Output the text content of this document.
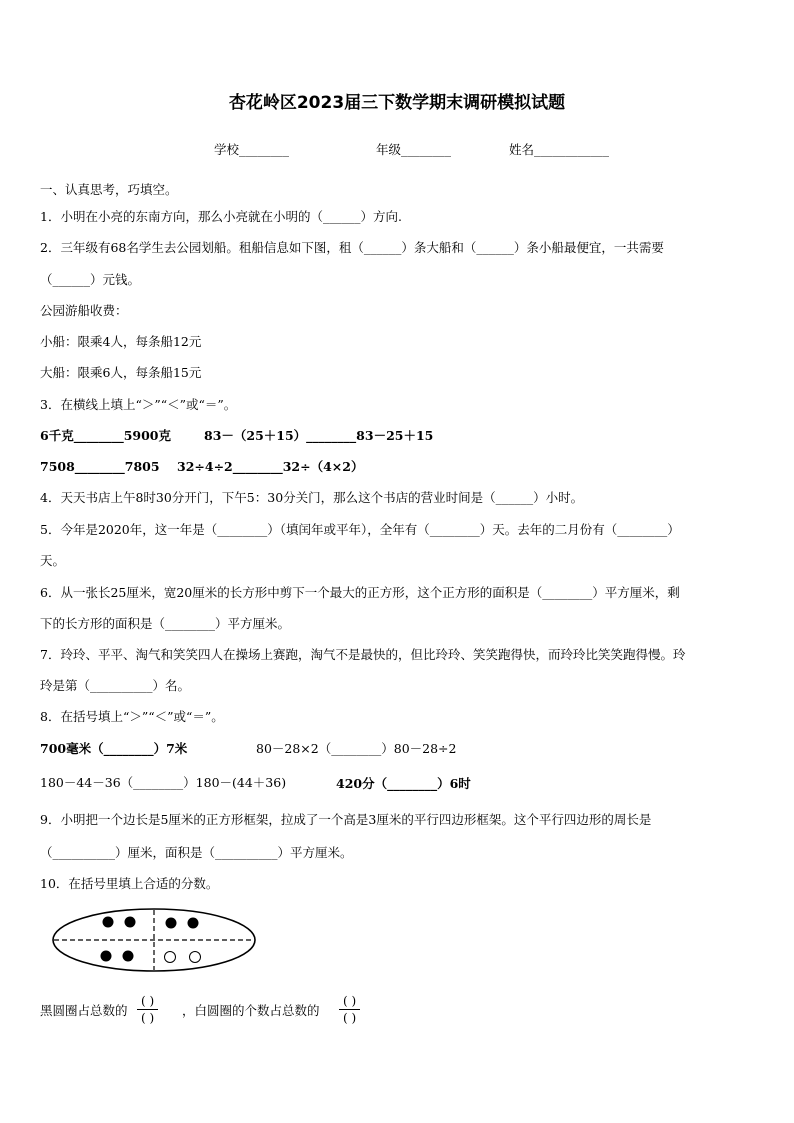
杏花岭区2023届三下数学期末调研模拟试题
学校________	年级________	姓名____________
一、认真思考，巧填空。
1．小明在小亮的东南方向，那么小亮就在小明的（______）方向.
2．三年级有68名学生去公园划船。租船信息如下图，租（______）条大船和（______）条小船最便宜，一共需要
（______）元钱。
公园游船收费：
小船：限乘4人，每条船12元
大船：限乘6人，每条船15元
3．在横线上填上“＞”“＜”或“＝”。
6千克________5900克	83－（25＋15）________83－25＋15
7508________7805 32÷4÷2________32÷（4×2）
4．天天书店上午8时30分开门，下午5：30分关门，那么这个书店的营业时间是（______）小时。
5．今年是2020年，这一年是（________）（填闰年或平年），全年有（________）天。去年的二月份有（________）
天。
6．从一张长25厘米，宽20厘米的长方形中剪下一个最大的正方形，这个正方形的面积是（________）平方厘米，剩
下的长方形的面积是（________）平方厘米。
7．玲玲、平平、淘气和笑笑四人在操场上赛跑，淘气不是最快的，但比玲玲、笑笑跑得快，而玲玲比笑笑跑得慢。玲
玲是第（__________）名。
8．在括号填上“＞”“＜”或“＝”。
700毫米（________）7米	80－28×2（________）80－28÷2
180－44－36（________）180－(44＋36)	420分（________）6时
9．小明把一个边长是5厘米的正方形框架，拉成了一个高是3厘米的平行四边形框架。这个平行四边形的周长是
（__________）厘米，面积是（__________）平方厘米。
10．在括号里填上合适的分数。
黑圆圈占总数的
( )
( )	，白圆圈的个数占总数的
( )
( )
